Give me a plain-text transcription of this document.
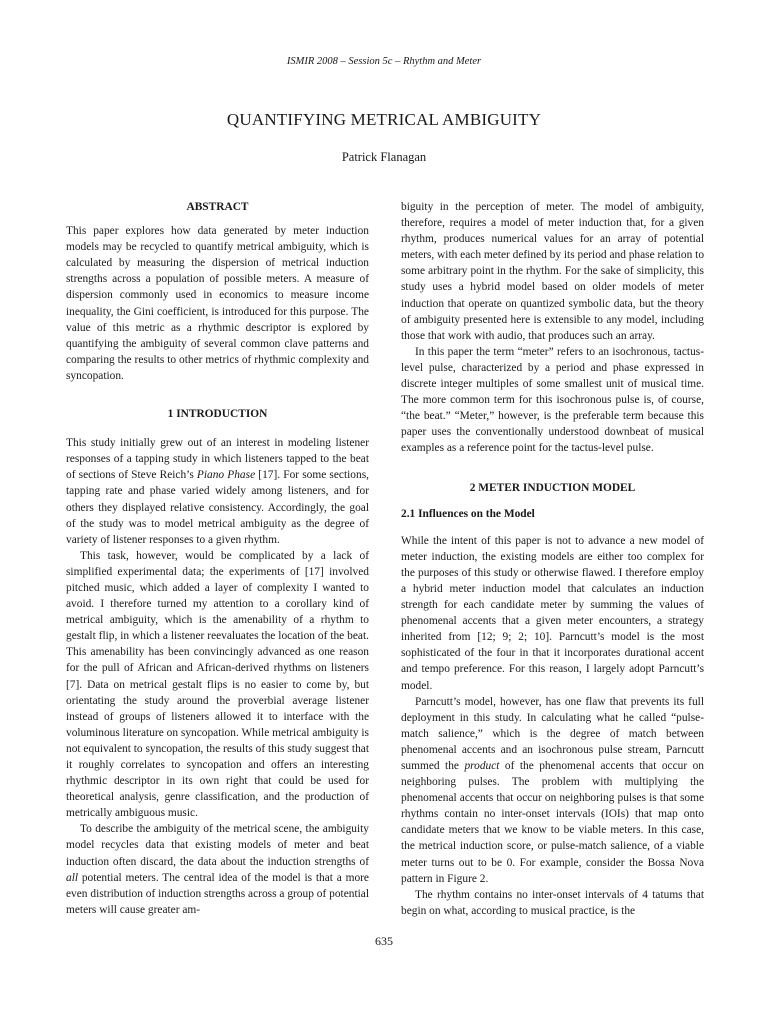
ISMIR 2008 – Session 5c – Rhythm and Meter
QUANTIFYING METRICAL AMBIGUITY
Patrick Flanagan
ABSTRACT

This paper explores how data generated by meter induction models may be recycled to quantify metrical ambiguity, which is calculated by measuring the dispersion of metrical induction strengths across a population of possible meters. A measure of dispersion commonly used in economics to measure income inequality, the Gini coefficient, is introduced for this purpose. The value of this metric as a rhythmic descriptor is explored by quantifying the ambiguity of several common clave patterns and comparing the results to other metrics of rhythmic complexity and syncopation.

1 INTRODUCTION

This study initially grew out of an interest in modeling listener responses of a tapping study in which listeners tapped to the beat of sections of Steve Reich’s Piano Phase [17]. For some sections, tapping rate and phase varied widely among listeners, and for others they displayed relative consistency. Accordingly, the goal of the study was to model metrical ambiguity as the degree of variety of listener responses to a given rhythm.

This task, however, would be complicated by a lack of simplified experimental data; the experiments of [17] involved pitched music, which added a layer of complexity I wanted to avoid. I therefore turned my attention to a corollary kind of metrical ambiguity, which is the amenability of a rhythm to gestalt flip, in which a listener reevaluates the location of the beat. This amenability has been convincingly advanced as one reason for the pull of African and African-derived rhythms on listeners [7]. Data on metrical gestalt flips is no easier to come by, but orientating the study around the proverbial average listener instead of groups of listeners allowed it to interface with the voluminous literature on syncopation. While metrical ambiguity is not equivalent to syncopation, the results of this study suggest that it roughly correlates to syncopation and offers an interesting rhythmic descriptor in its own right that could be used for theoretical analysis, genre classification, and the production of metrically ambiguous music.

To describe the ambiguity of the metrical scene, the ambiguity model recycles data that existing models of meter and beat induction often discard, the data about the induction strengths of all potential meters. The central idea of the model is that a more even distribution of induction strengths across a group of potential meters will cause greater am-

biguity in the perception of meter. The model of ambiguity, therefore, requires a model of meter induction that, for a given rhythm, produces numerical values for an array of potential meters, with each meter defined by its period and phase relation to some arbitrary point in the rhythm. For the sake of simplicity, this study uses a hybrid model based on older models of meter induction that operate on quantized symbolic data, but the theory of ambiguity presented here is extensible to any model, including those that work with audio, that produces such an array.

In this paper the term “meter” refers to an isochronous, tactus-level pulse, characterized by a period and phase expressed in discrete integer multiples of some smallest unit of musical time. The more common term for this isochronous pulse is, of course, “the beat.” “Meter,” however, is the preferable term because this paper uses the conventionally understood downbeat of musical examples as a reference point for the tactus-level pulse.

2 METER INDUCTION MODEL
2.1 Influences on the Model

While the intent of this paper is not to advance a new model of meter induction, the existing models are either too complex for the purposes of this study or otherwise flawed. I therefore employ a hybrid meter induction model that calculates an induction strength for each candidate meter by summing the values of phenomenal accents that a given meter encounters, a strategy inherited from [12; 9; 2; 10]. Parncutt’s model is the most sophisticated of the four in that it incorporates durational accent and tempo preference. For this reason, I largely adopt Parncutt’s model.

Parncutt’s model, however, has one flaw that prevents its full deployment in this study. In calculating what he called “pulse-match salience,” which is the degree of match between phenomenal accents and an isochronous pulse stream, Parncutt summed the product of the phenomenal accents that occur on neighboring pulses. The problem with multiplying the phenomenal accents that occur on neighboring pulses is that some rhythms contain no inter-onset intervals (IOIs) that map onto candidate meters that we know to be viable meters. In this case, the metrical induction score, or pulse-match salience, of a viable meter turns out to be 0. For example, consider the Bossa Nova pattern in Figure 2.

The rhythm contains no inter-onset intervals of 4 tatums that begin on what, according to musical practice, is the

635
